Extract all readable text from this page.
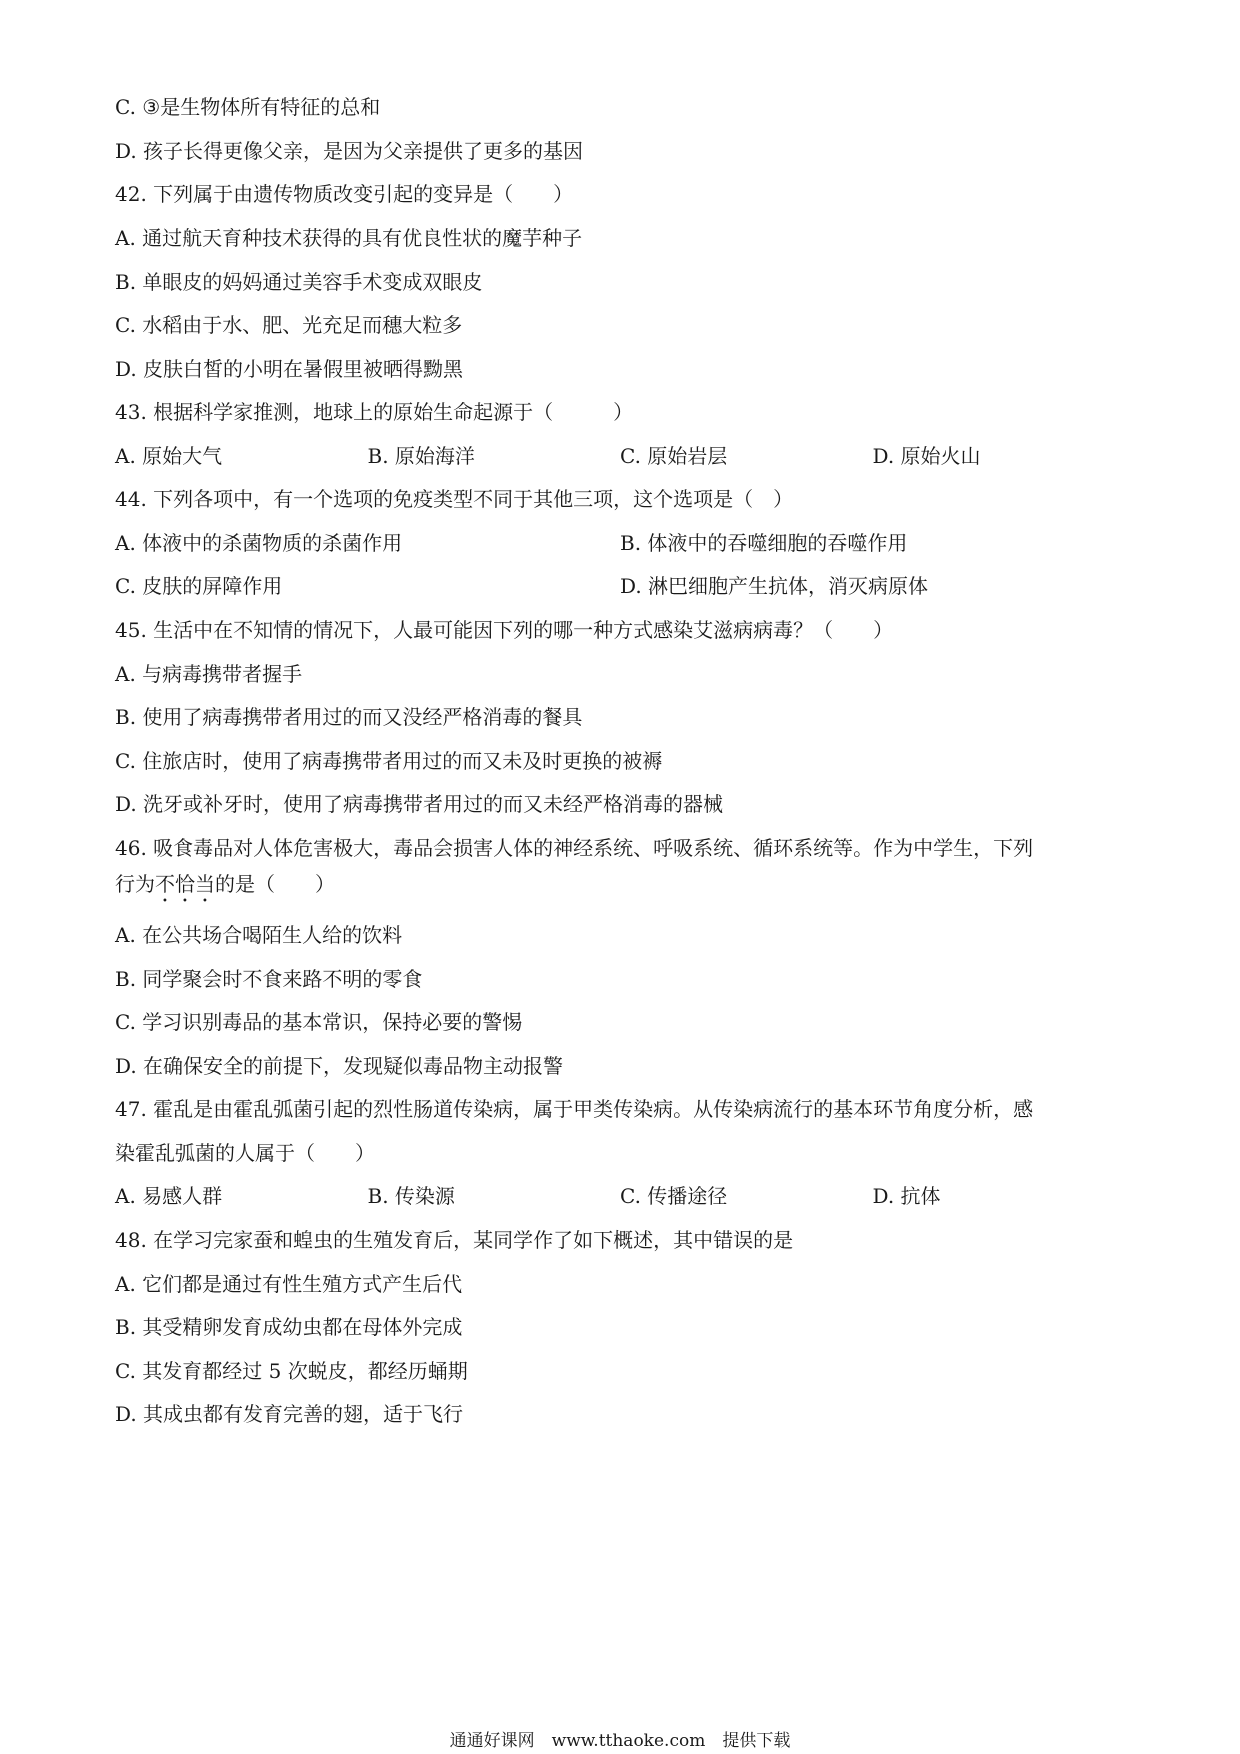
C. ③是生物体所有特征的总和
D. 孩子长得更像父亲，是因为父亲提供了更多的基因
42. 下列属于由遗传物质改变引起的变异是（　　）
A. 通过航天育种技术获得的具有优良性状的魔芋种子
B. 单眼皮的妈妈通过美容手术变成双眼皮
C. 水稻由于水、肥、光充足而穗大粒多
D. 皮肤白皙的小明在暑假里被晒得黝黑
43. 根据科学家推测，地球上的原始生命起源于（　　　）
A. 原始大气	B. 原始海洋	C. 原始岩层	D. 原始火山
44. 下列各项中，有一个选项的免疫类型不同于其他三项，这个选项是（　）
A. 体液中的杀菌物质的杀菌作用	B. 体液中的吞噬细胞的吞噬作用
C. 皮肤的屏障作用	D. 淋巴细胞产生抗体，消灭病原体
45. 生活中在不知情的情况下，人最可能因下列的哪一种方式感染艾滋病病毒？（　　）
A. 与病毒携带者握手
B. 使用了病毒携带者用过的而又没经严格消毒的餐具
C. 住旅店时，使用了病毒携带者用过的而又未及时更换的被褥
D. 洗牙或补牙时，使用了病毒携带者用过的而又未经严格消毒的器械
46. 吸食毒品对人体危害极大，毒品会损害人体的神经系统、呼吸系统、循环系统等。作为中学生，下列
行为不恰当的是（　　）
A. 在公共场合喝陌生人给的饮料
B. 同学聚会时不食来路不明的零食
C. 学习识别毒品的基本常识，保持必要的警惕
D. 在确保安全的前提下，发现疑似毒品物主动报警
47. 霍乱是由霍乱弧菌引起的烈性肠道传染病，属于甲类传染病。从传染病流行的基本环节角度分析，感
染霍乱弧菌的人属于（　　）
A. 易感人群	B. 传染源	C. 传播途径	D. 抗体
48. 在学习完家蚕和蝗虫的生殖发育后，某同学作了如下概述，其中错误的是
A. 它们都是通过有性生殖方式产生后代
B. 其受精卵发育成幼虫都在母体外完成
C. 其发育都经过 5 次蜕皮，都经历蛹期
D. 其成虫都有发育完善的翅，适于飞行
通通好课网　www.tthaoke.com　提供下载
